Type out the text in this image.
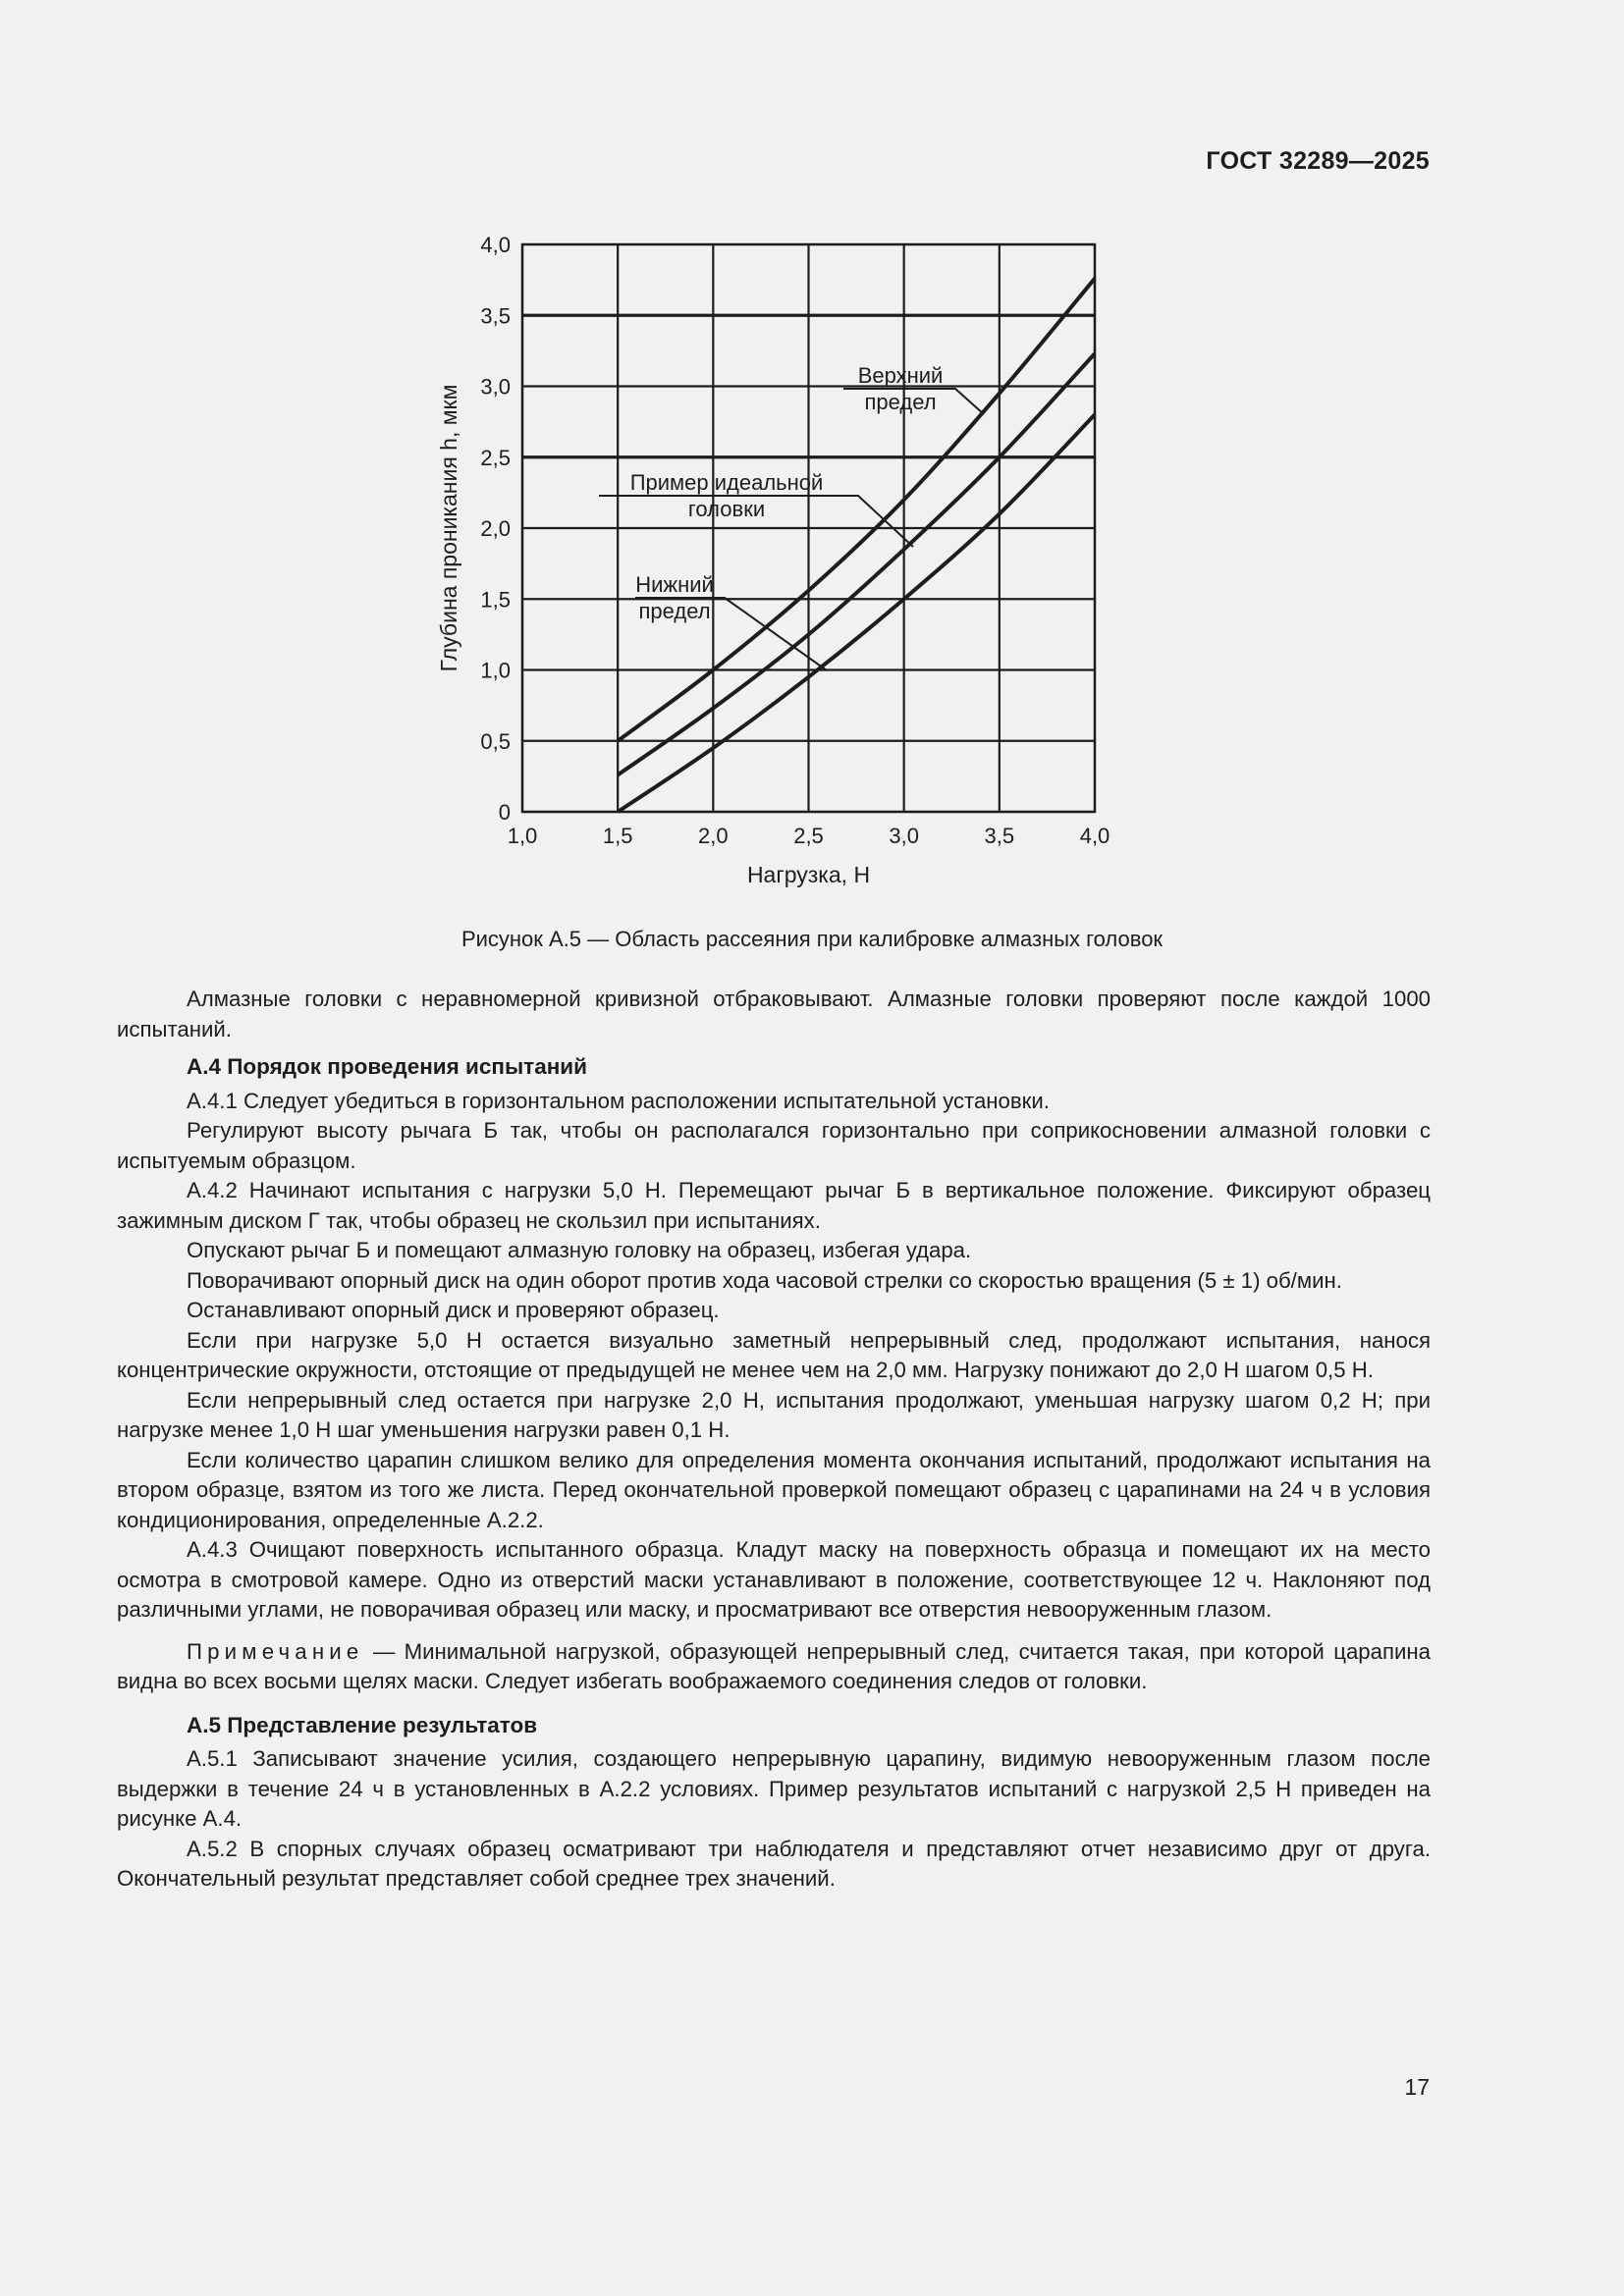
ГОСТ 32289—2025
1,0	1,5	2,0	2,5	3,0	3,5	4,0
0
0,5
1,0
1,5
2,0
2,5
3,0
3,5
4,0
Нагрузка, Н
Глубина проникания h, мкм
Верхний
предел
Пример идеальной
головки
Нижний
предел
Рисунок А.5 — Область рассеяния при калибровке алмазных головок

Алмазные головки с неравномерной кривизной отбраковывают. Алмазные головки проверяют после каждой 1000 испытаний.

А.4 Порядок проведения испытаний

А.4.1 Следует убедиться в горизонтальном расположении испытательной установки.

Регулируют высоту рычага Б так, чтобы он располагался горизонтально при соприкосновении алмазной головки с испытуемым образцом.

А.4.2 Начинают испытания с нагрузки 5,0 Н. Перемещают рычаг Б в вертикальное положение. Фиксируют образец зажимным диском Г так, чтобы образец не скользил при испытаниях.

Опускают рычаг Б и помещают алмазную головку на образец, избегая удара.

Поворачивают опорный диск на один оборот против хода часовой стрелки со скоростью вращения (5 ± 1) об/мин.

Останавливают опорный диск и проверяют образец.

Если при нагрузке 5,0 Н остается визуально заметный непрерывный след, продолжают испытания, нанося концентрические окружности, отстоящие от предыдущей не менее чем на 2,0 мм. Нагрузку понижают до 2,0 Н шагом 0,5 Н.

Если непрерывный след остается при нагрузке 2,0 Н, испытания продолжают, уменьшая нагрузку шагом 0,2 Н; при нагрузке менее 1,0 Н шаг уменьшения нагрузки равен 0,1 Н.

Если количество царапин слишком велико для определения момента окончания испытаний, продолжают испытания на втором образце, взятом из того же листа. Перед окончательной проверкой помещают образец с царапинами на 24 ч в условия кондиционирования, определенные А.2.2.

А.4.3 Очищают поверхность испытанного образца. Кладут маску на поверхность образца и помещают их на место осмотра в смотровой камере. Одно из отверстий маски устанавливают в положение, соответствующее 12 ч. Наклоняют под различными углами, не поворачивая образец или маску, и просматривают все отверстия невооруженным глазом.

Примечание — Минимальной нагрузкой, образующей непрерывный след, считается такая, при которой царапина видна во всех восьми щелях маски. Следует избегать воображаемого соединения следов от головки.

А.5 Представление результатов

А.5.1 Записывают значение усилия, создающего непрерывную царапину, видимую невооруженным глазом после выдержки в течение 24 ч в установленных в А.2.2 условиях. Пример результатов испытаний с нагрузкой 2,5 Н приведен на рисунке А.4.

А.5.2 В спорных случаях образец осматривают три наблюдателя и представляют отчет независимо друг от друга. Окончательный результат представляет собой среднее трех значений.

17
